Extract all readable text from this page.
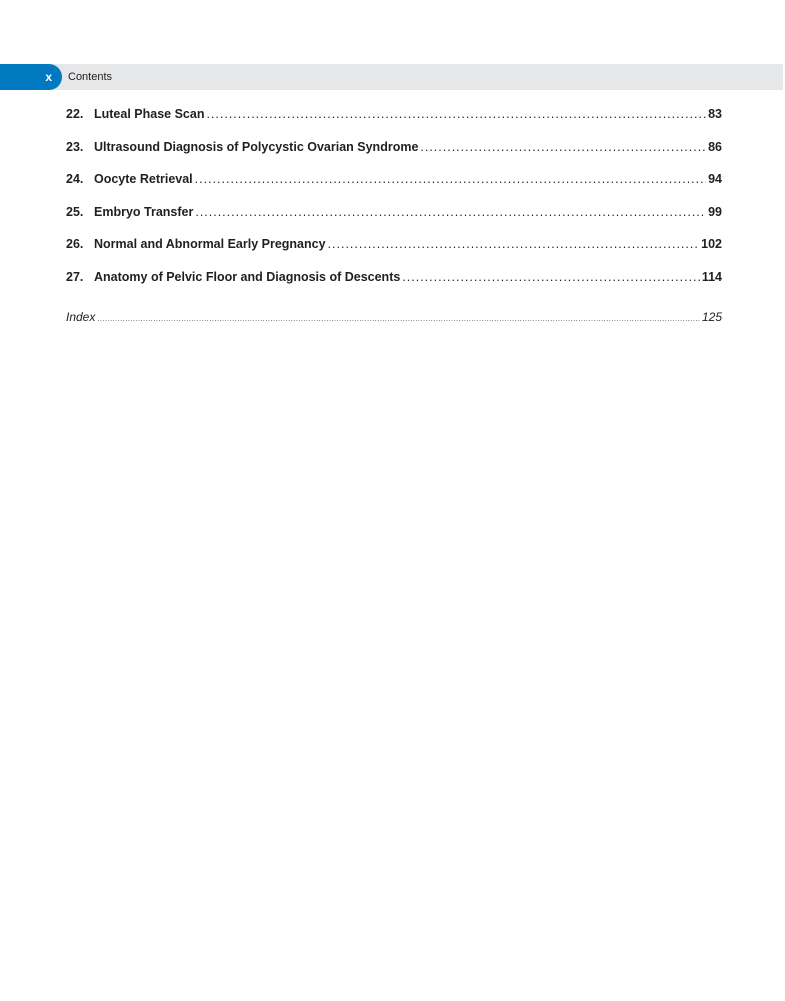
x Contents
22. Luteal Phase Scan .....	83
23. Ultrasound Diagnosis of Polycystic Ovarian Syndrome .....	86
24. Oocyte Retrieval .....	94
25. Embryo Transfer .....	99
26. Normal and Abnormal Early Pregnancy .....	102
27. Anatomy of Pelvic Floor and Diagnosis of Descents .....	114
Index .....	125
